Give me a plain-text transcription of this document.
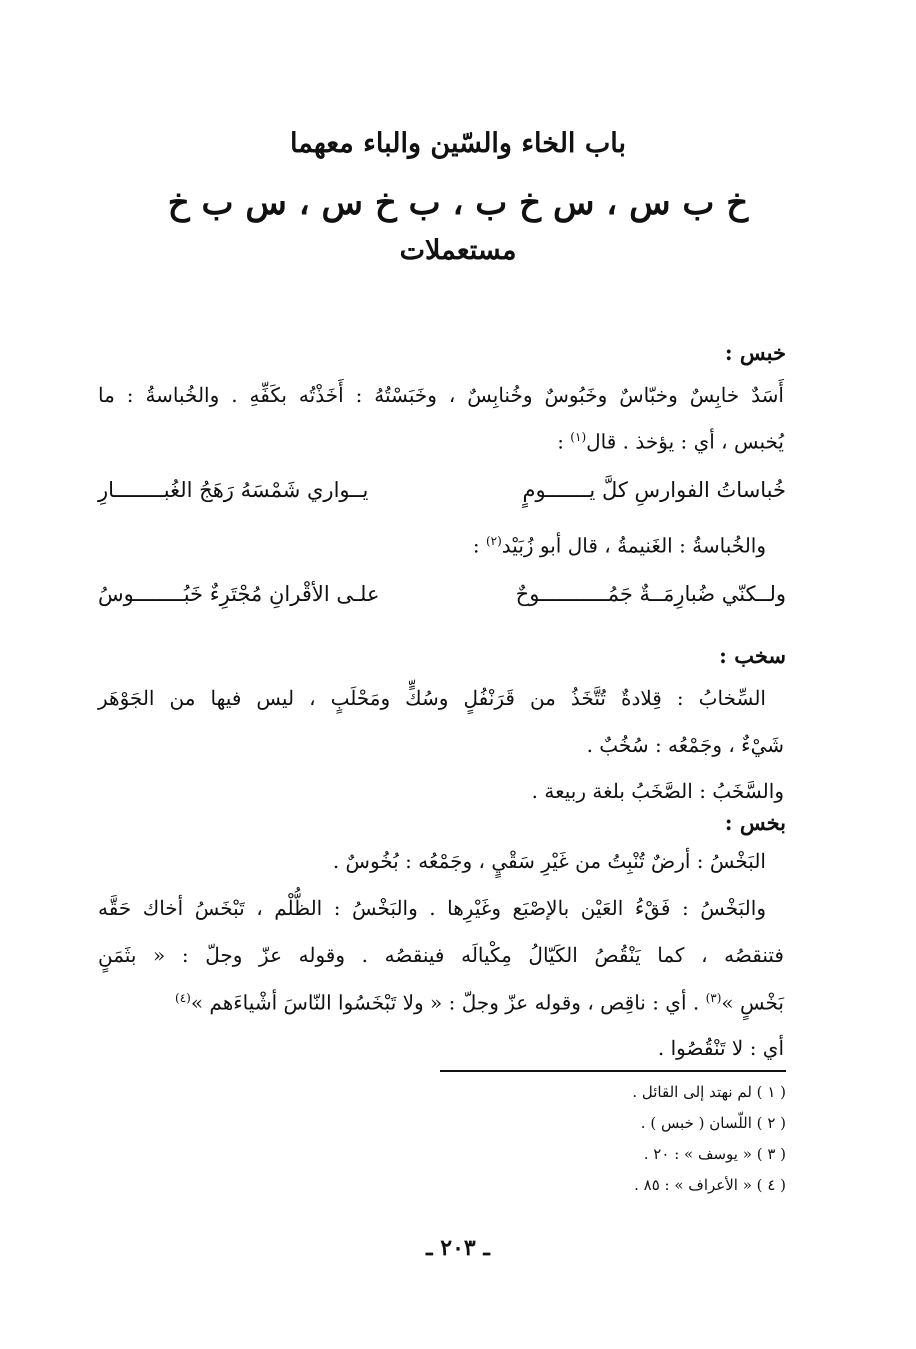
باب الخاء والسّين والباء معهما
خ ب س ، س خ ب ، ب خ س ، س ب خ
مستعملات
خبس :
أَسَدٌ خابِسٌ وخبّاسٌ وخَبُوسٌ وخُنابِسٌ ، وخَبَسْتُهُ : أَخَذْتُه بكَفِّهِ . والخُباسةُ : ما
يُخبس ، أي : يؤخذ . قال$^{(١)}$ :
خُباساتُ الفوارسِ كلَّ يـــــــومٍ
يــواري شَمْسَهُ رَهَجُ الغُبــــــــارِ
والخُباسةُ : الغَنيمةُ ، قال أبو زُبَيْد$^{(٢)}$ :
ولــكنّي ضُبارِمَــةٌ جَمُـــــــــــوحٌ
علـى الأقْرانِ مُجْتَرِءٌ خَبُــــــــوسُ
سخب :
السِّخابُ : قِلادةٌ تُتَّخَذُ من قَرَنْفُلٍ وسُكٍّ ومَحْلَبٍ ، ليس فيها من الجَوْهَر
شَيْءٌ ، وجَمْعُه : سُخُبٌ .
والسَّخَبُ : الصَّخَبُ بلغة ربيعة .
بخس :
البَخْسُ : أرضٌ تُنْبِتُ من غَيْرِ سَقْيٍ ، وجَمْعُه : بُخُوسٌ .
والبَخْسُ : فَقْءُ العَيْن بالإصْبَع وغَيْرِها . والبَخْسُ : الظُّلْم ، تَبْخَسُ أخاك حَقَّه
فتنقصُه ، كما يَنْقُصُ الكَيّالُ مِكْيالَه فينقصُه . وقوله عزّ وجلّ : « بثَمَنٍ
بَخْسٍ »$^{(٣)}$ . أي : ناقِص ، وقوله عزّ وجلّ : « ولا تَبْخَسُوا النّاسَ أشْياءَهم »$^{(٤)}$
أي : لا تَنْقُصُوا .
( ١ ) لم نهتد إلى القائل .
( ٢ ) اللّسان ( خبس ) .
( ٣ ) « يوسف » : ٢٠ .
( ٤ ) « الأعراف » : ٨٥ .
ـ ٢٠٣ ـ
